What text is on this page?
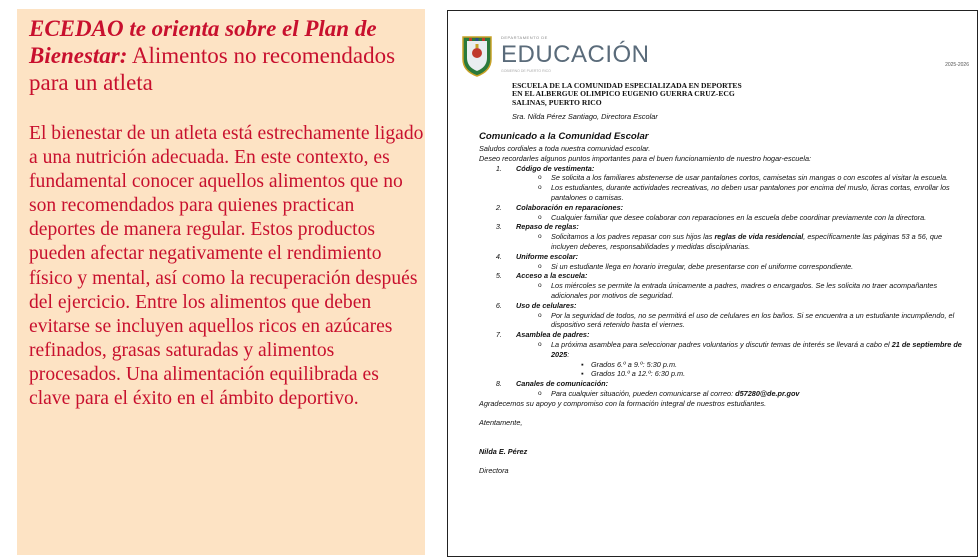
ECEDAO te orienta sobre el Plan de Bienestar: Alimentos no recomendados para un atleta

El bienestar de un atleta está estrechamente ligado a una nutrición adecuada. En este contexto, es fundamental conocer aquellos alimentos que no son recomendados para quienes practican deportes de manera regular. Estos productos pueden afectar negativamente el rendimiento físico y mental, así como la recuperación después del ejercicio. Entre los alimentos que deben evitarse se incluyen aquellos ricos en azúcares refinados, grasas saturadas y alimentos procesados. Una alimentación equilibrada es clave para el éxito en el ámbito deportivo.

DEPARTAMENTO DE
EDUCACIÓN
GOBIERNO DE PUERTO RICO
2025-2026
ESCUELA DE LA COMUNIDAD ESPECIALIZADA EN DEPORTES
EN EL ALBERGUE OLIMPICO EUGENIO GUERRA CRUZ-ECG
SALINAS, PUERTO RICO
Sra. Nilda Pérez Santiago, Directora Escolar
Comunicado a la Comunidad Escolar

Saludos cordiales a toda nuestra comunidad escolar.

Deseo recordarles algunos puntos importantes para el buen funcionamiento de nuestro hogar-escuela:

1. Código de vestimenta:
o Se solicita a los familiares abstenerse de usar pantalones cortos, camisetas sin mangas o con escotes al visitar la escuela.
o Los estudiantes, durante actividades recreativas, no deben usar pantalones por encima del muslo, licras cortas, enrollar los pantalones o camisas.
2. Colaboración en reparaciones:
o Cualquier familiar que desee colaborar con reparaciones en la escuela debe coordinar previamente con la directora.
3. Repaso de reglas:
o Solicitamos a los padres repasar con sus hijos las reglas de vida residencial, específicamente las páginas 53 a 56, que incluyen deberes, responsabilidades y medidas disciplinarias.
4. Uniforme escolar:
o Si un estudiante llega en horario irregular, debe presentarse con el uniforme correspondiente.
5. Acceso a la escuela:
o Los miércoles se permite la entrada únicamente a padres, madres o encargados. Se les solicita no traer acompañantes adicionales por motivos de seguridad.
6. Uso de celulares:
o Por la seguridad de todos, no se permitirá el uso de celulares en los baños. Si se encuentra a un estudiante incumpliendo, el dispositivo será retenido hasta el viernes.
7. Asamblea de padres:
o La próxima asamblea para seleccionar padres voluntarios y discutir temas de interés se llevará a cabo el 21 de septiembre de 2025:
▪ Grados 6.º a 9.º: 5:30 p.m.
▪ Grados 10.º a 12.º: 6:30 p.m.
8. Canales de comunicación:
o Para cualquier situación, pueden comunicarse al correo: d57280@de.pr.gov

Agradecemos su apoyo y compromiso con la formación integral de nuestros estudiantes.

Atentamente,

Nilda E. Pérez

Directora
